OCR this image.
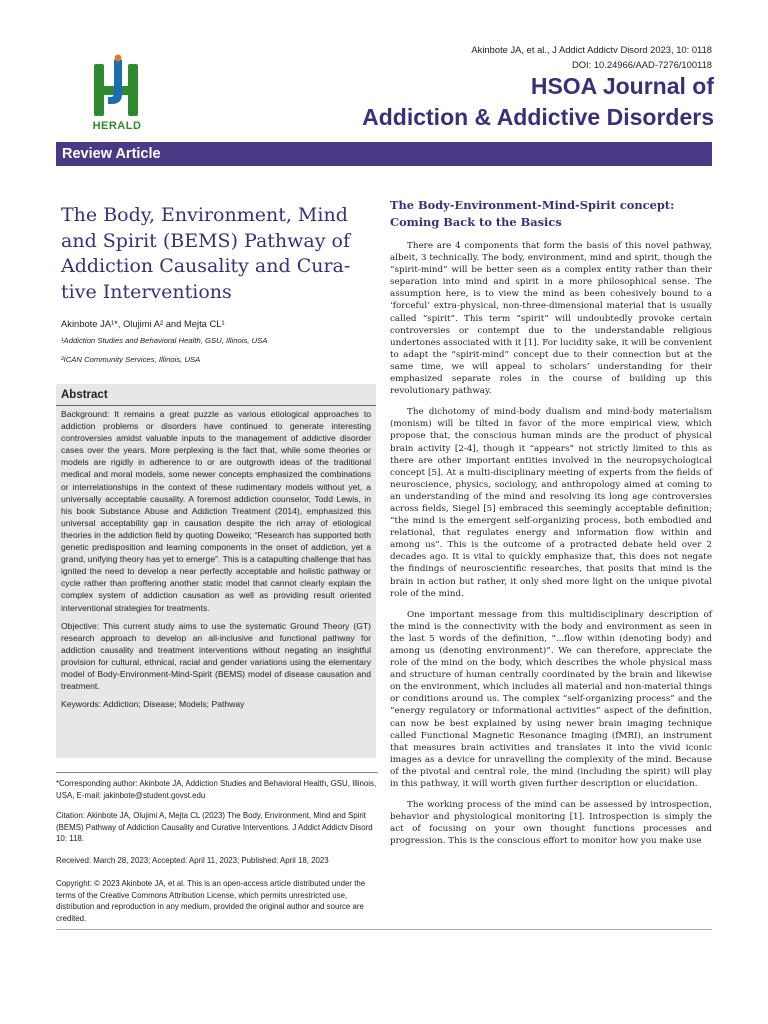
HERALD
Akinbote JA, et al., J Addict Addictv Disord 2023, 10: 0118
DOI: 10.24966/AAD-7276/100118
HSOA Journal of
Addiction & Addictive Disorders
Review Article
The Body, Environment, Mind
and Spirit (BEMS) Pathway of
Addiction Causality and Cura-
tive Interventions
Akinbote JA¹*, Olujimi A² and Mejta CL¹
¹Addiction Studies and Behavioral Health, GSU, Illinois, USA
²ICAN Community Services, Illinois, USA
Abstract

Background: It remains a great puzzle as various etiological approaches to addiction problems or disorders have continued to generate interesting controversies amidst valuable inputs to the management of addictive disorder cases over the years. More perplexing is the fact that, while some theories or models are rigidly in adherence to or are outgrowth ideas of the traditional medical and moral models, some newer concepts emphasized the combinations or interrelationships in the context of these rudimentary models without yet, a universally acceptable causality. A foremost addiction counselor, Todd Lewis, in his book Substance Abuse and Addiction Treatment (2014), emphasized this universal acceptability gap in causation despite the rich array of etiological theories in the addiction field by quoting Doweiko; “Research has supported both genetic predisposition and learning components in the onset of addiction, yet a grand, unifying theory has yet to emerge”. This is a catapulting challenge that has ignited the need to develop a near perfectly acceptable and holistic pathway or cycle rather than proffering another static model that cannot clearly explain the complex system of addiction causation as well as providing result oriented interventional strategies for treatments.

Objective: This current study aims to use the systematic Ground Theory (GT) research approach to develop an all-inclusive and functional pathway for addiction causality and treatment interventions without negating an insightful provision for cultural, ethnical, racial and gender variations using the elementary model of Body-Environment-Mind-Spirit (BEMS) model of disease causation and treatment.

Keywords: Addiction; Disease; Models; Pathway

*Corresponding author: Akinbote JA, Addiction Studies and Behavioral Health, GSU, Illinois, USA, E-mail: jakinbote@student.govst.edu
Citation: Akinbote JA, Olujimi A, Mejta CL (2023) The Body, Environment, Mind and Spirit (BEMS) Pathway of Addiction Causality and Curative Interventions. J Addict Addictv Disord 10: 118.
Received: March 28, 2023; Accepted: April 11, 2023; Published: April 18, 2023
Copyright: © 2023 Akinbote JA, et al. This is an open-access article distributed under the terms of the Creative Commons Attribution License, which permits unrestricted use, distribution and reproduction in any medium, provided the original author and source are credited.
The Body-Environment-Mind-Spirit concept: Coming Back to the Basics

There are 4 components that form the basis of this novel pathway, albeit, 3 technically. The body, environment, mind and spirit, though the “spirit-mind” will be better seen as a complex entity rather than their separation into mind and spirit in a more philosophical sense. The assumption here, is to view the mind as been cohesively bound to a ‘forceful’ extra-physical, non-three-dimensional material that is usually called “spirit”. This term “spirit” will undoubtedly provoke certain controversies or contempt due to the understandable religious undertones associated with it [1]. For lucidity sake, it will be convenient to adapt the “spirit-mind” concept due to their connection but at the same time, we will appeal to scholars’ understanding for their emphasized separate roles in the course of building up this revolutionary pathway.

The dichotomy of mind-body dualism and mind-body materialism (monism) will be tilted in favor of the more empirical view, which propose that, the conscious human minds are the product of physical brain activity [2-4], though it “appears” not strictly limited to this as there are other important entities involved in the neuropsychological concept [5]. At a multi-disciplinary meeting of experts from the fields of neuroscience, physics, sociology, and anthropology aimed at coming to an understanding of the mind and resolving its long age controversies across fields, Siegel [5] embraced this seemingly acceptable definition; “the mind is the emergent self-organizing process, both embodied and relational, that regulates energy and information flow within and among us”. This is the outcome of a protracted debate held over 2 decades ago. It is vital to quickly emphasize that, this does not negate the findings of neuroscientific researches, that posits that mind is the brain in action but rather, it only shed more light on the unique pivotal role of the mind.

One important message from this multidisciplinary description of the mind is the connectivity with the body and environment as seen in the last 5 words of the definition, “...flow within (denoting body) and among us (denoting environment)”. We can therefore, appreciate the role of the mind on the body, which describes the whole physical mass and structure of human centrally coordinated by the brain and likewise on the environment, which includes all material and non-material things or conditions around us. The complex “self-organizing process” and the “energy regulatory or informational activities” aspect of the definition, can now be best explained by using newer brain imaging technique called Functional Magnetic Resonance Imaging (fMRI), an instrument that measures brain activities and translates it into the vivid iconic images as a device for unravelling the complexity of the mind. Because of the pivotal and central role, the mind (including the spirit) will play in this pathway, it will worth given further description or elucidation.

The working process of the mind can be assessed by introspection, behavior and physiological monitoring [1]. Introspection is simply the act of focusing on your own thought functions processes and progression. This is the conscious effort to monitor how you make use
